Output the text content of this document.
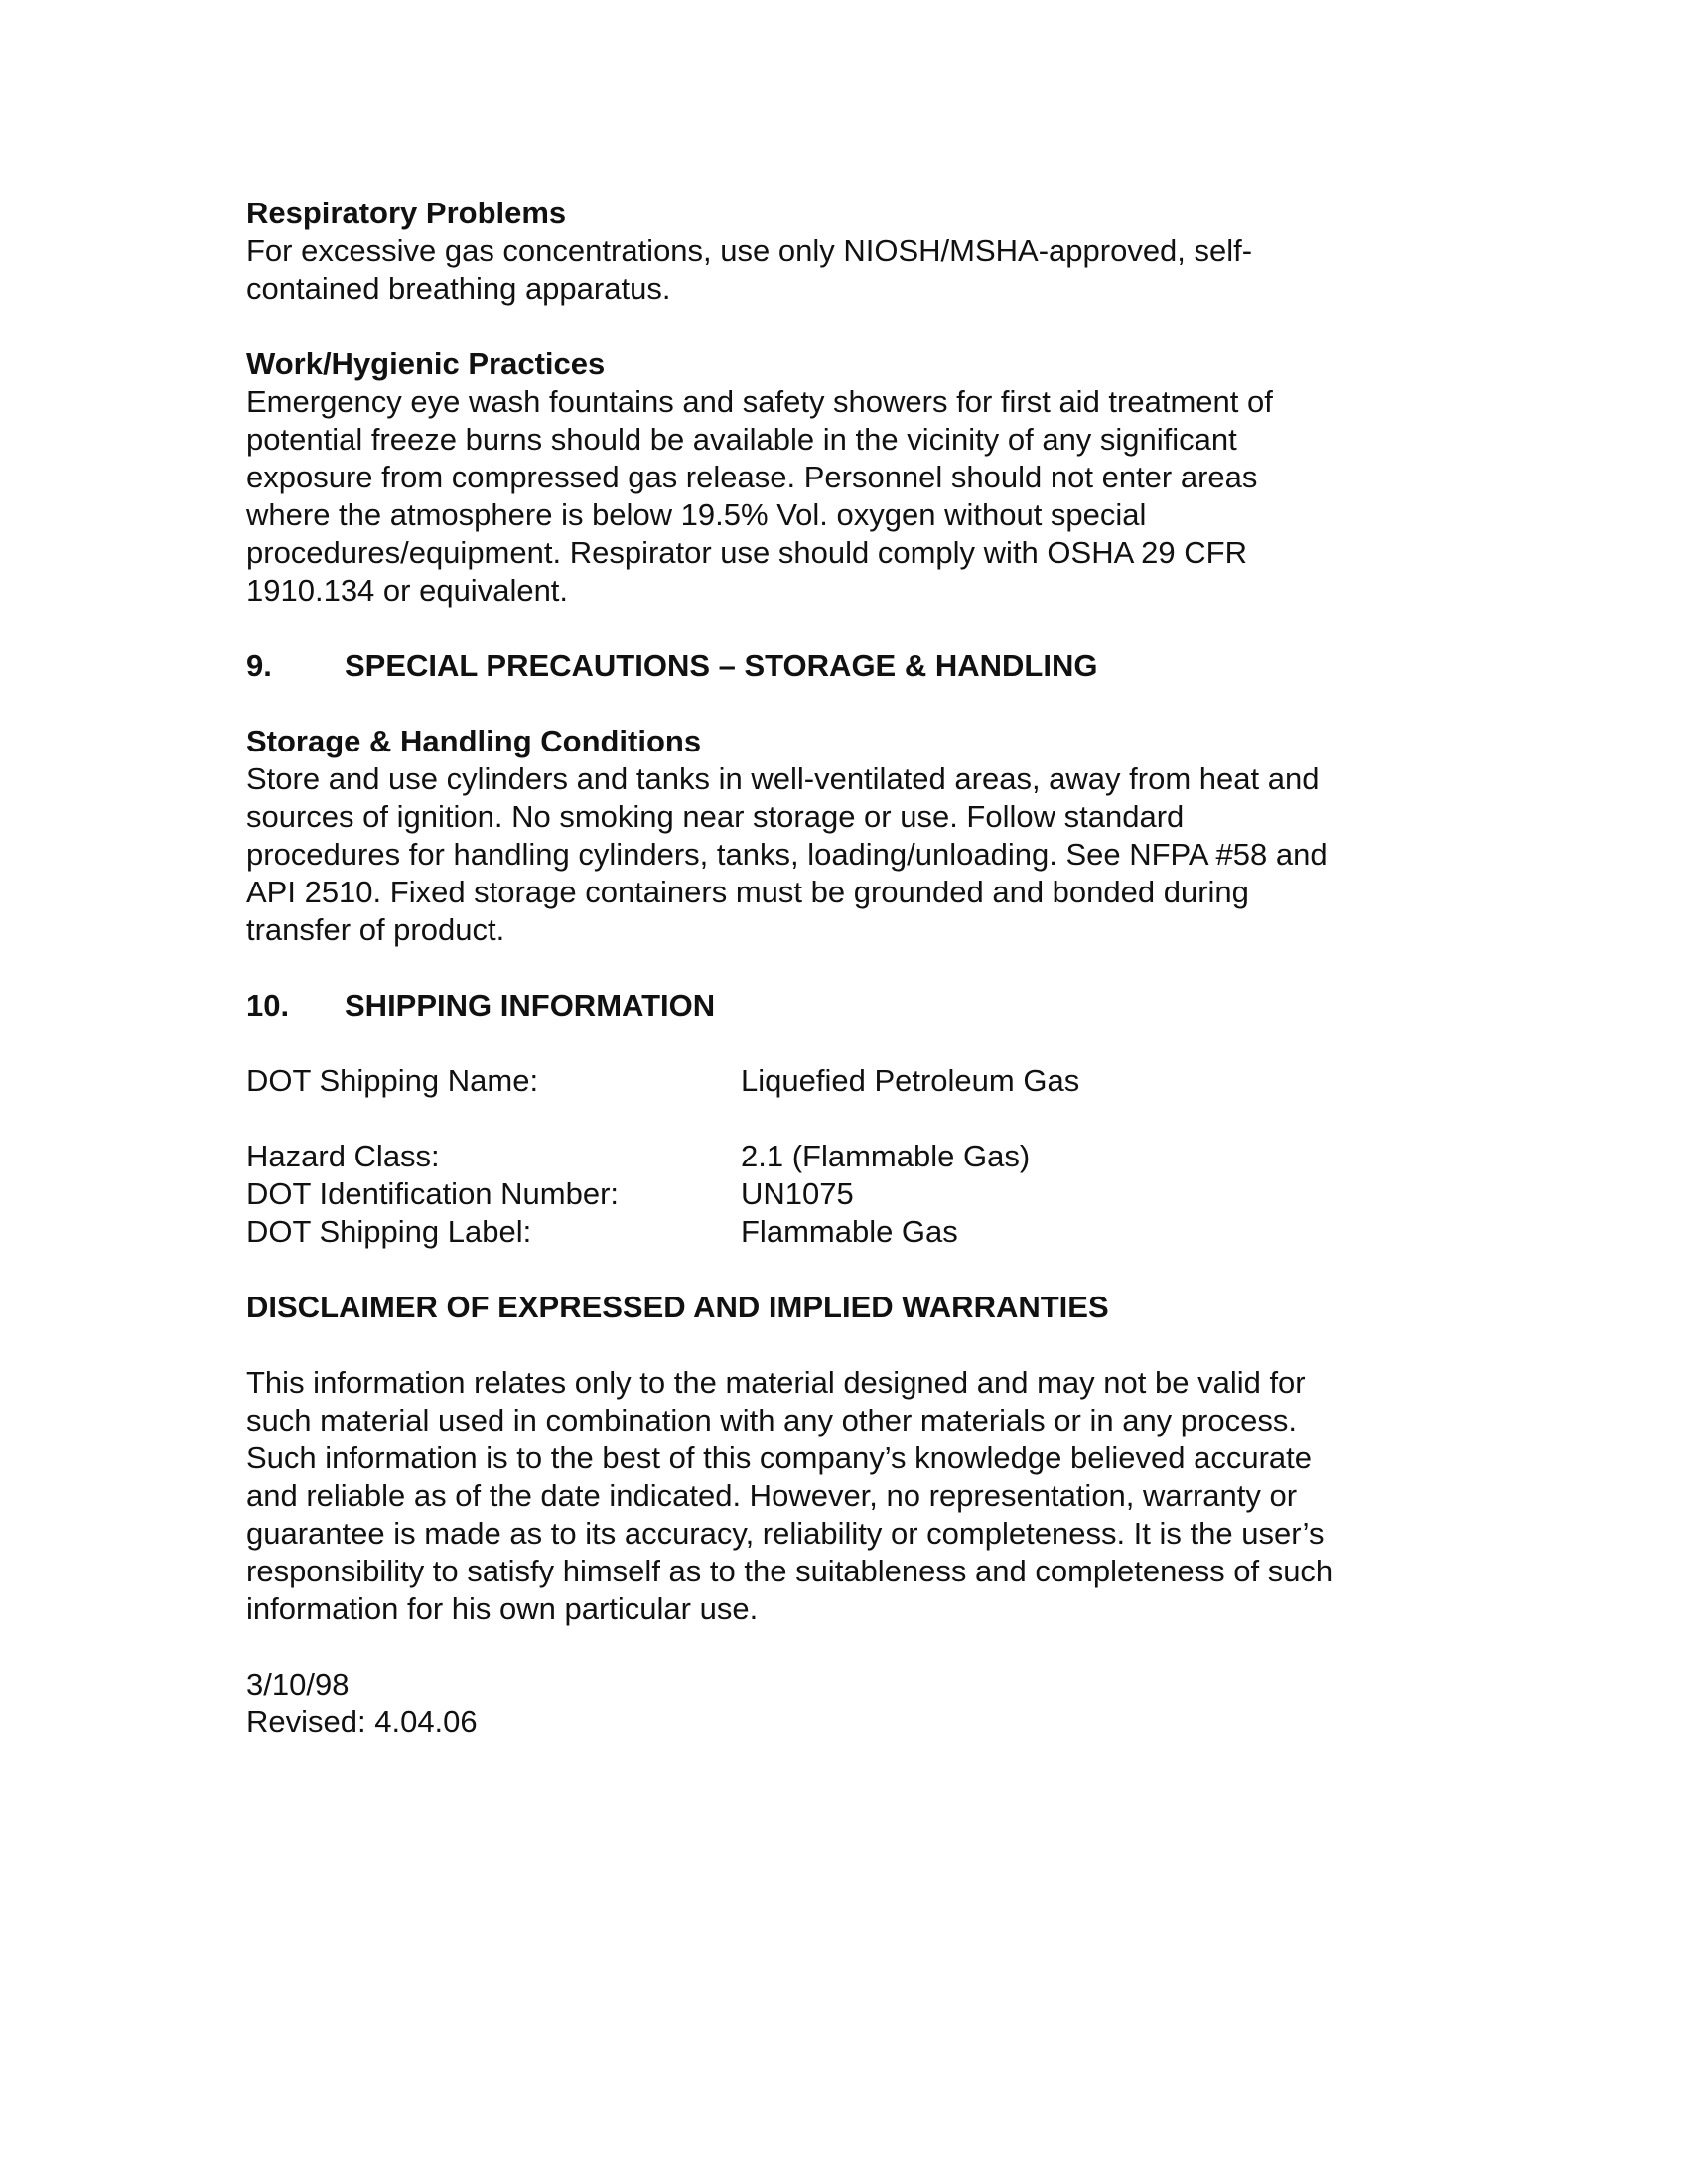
Respiratory Problems

For excessive gas concentrations, use only NIOSH/MSHA-approved, self-

contained breathing apparatus.

Work/Hygienic Practices

Emergency eye wash fountains and safety showers for first aid treatment of

potential freeze burns should be available in the vicinity of any significant

exposure from compressed gas release. Personnel should not enter areas

where the atmosphere is below 19.5% Vol. oxygen without special

procedures/equipment. Respirator use should comply with OSHA 29 CFR

1910.134 or equivalent.

9.	SPECIAL PRECAUTIONS – STORAGE & HANDLING

Storage & Handling Conditions

Store and use cylinders and tanks in well-ventilated areas, away from heat and

sources of ignition. No smoking near storage or use. Follow standard

procedures for handling cylinders, tanks, loading/unloading. See NFPA #58 and

API 2510. Fixed storage containers must be grounded and bonded during

transfer of product.

10.	SHIPPING INFORMATION
DOT Shipping Name:	Liquefied Petroleum Gas
Hazard Class:	2.1 (Flammable Gas)
DOT Identification Number:	UN1075
DOT Shipping Label:	Flammable Gas

DISCLAIMER OF EXPRESSED AND IMPLIED WARRANTIES

This information relates only to the material designed and may not be valid for

such material used in combination with any other materials or in any process.

Such information is to the best of this company’s knowledge believed accurate

and reliable as of the date indicated. However, no representation, warranty or

guarantee is made as to its accuracy, reliability or completeness. It is the user’s

responsibility to satisfy himself as to the suitableness and completeness of such

information for his own particular use.

3/10/98

Revised: 4.04.06
